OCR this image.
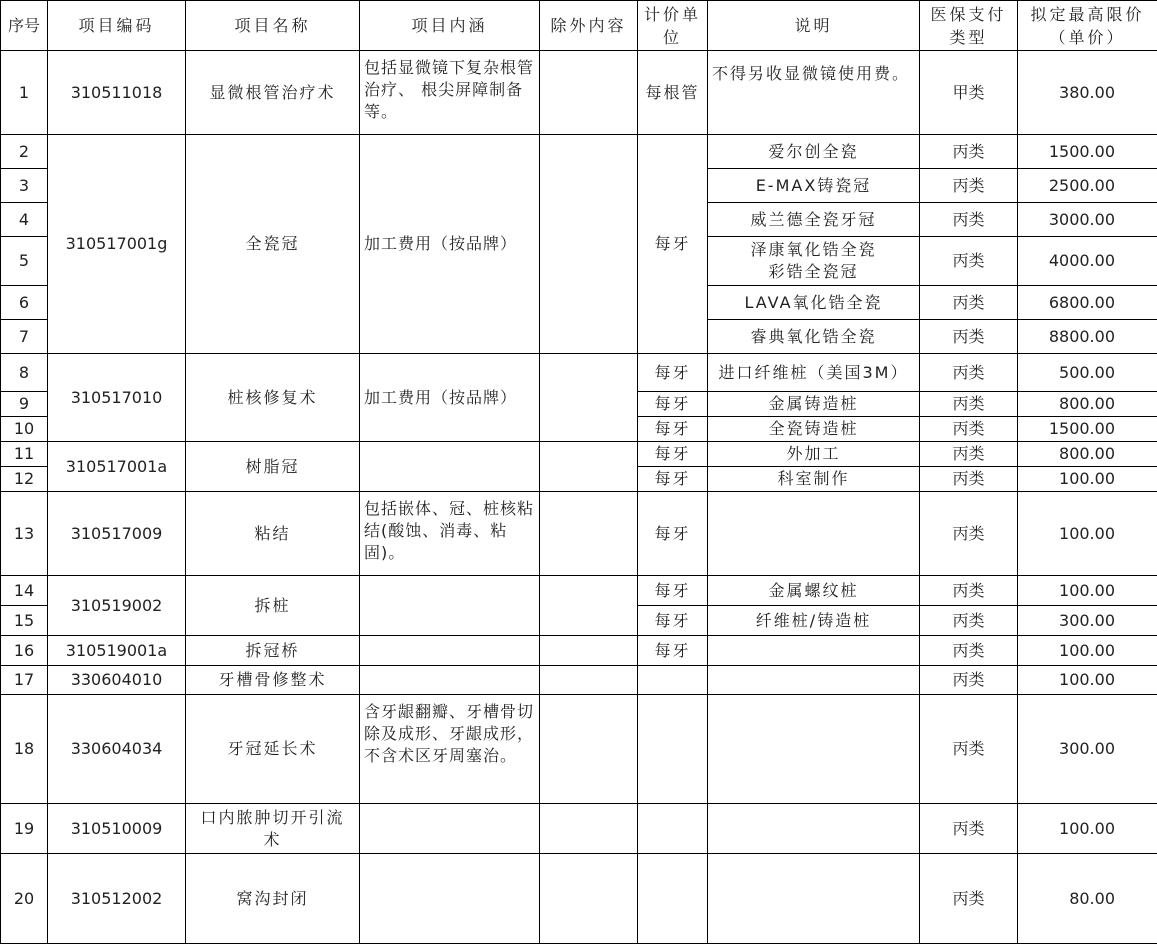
序号	项目编码	项目名称	项目内涵	除外内容	计价单位	说明	医保支付类型	拟定最高限价（单价）
1	310511018	显微根管治疗术	包括显微镜下复杂根管治疗、 根尖屏障制备等。		每根管	不得另收显微镜使用费。	甲类	380.00
2	310517001g	全瓷冠	加工费用（按品牌）		每牙	爱尔创全瓷	丙类	1500.00
3						E-MAX铸瓷冠	丙类	2500.00
4						威兰德全瓷牙冠	丙类	3000.00
5						泽康氧化锆全瓷彩锆全瓷冠	丙类	4000.00
6						LAVA氧化锆全瓷	丙类	6800.00
7						睿典氧化锆全瓷	丙类	8800.00
8	310517010	桩核修复术	加工费用（按品牌）		每牙	进口纤维桩（美国3M）	丙类	500.00
9					每牙	金属铸造桩	丙类	800.00
10					每牙	全瓷铸造桩	丙类	1500.00
11	310517001a	树脂冠			每牙	外加工	丙类	800.00
12					每牙	科室制作	丙类	100.00
13	310517009	粘结	包括嵌体、冠、桩核粘结(酸蚀、消毒、粘固)。		每牙		丙类	100.00
14	310519002	拆桩			每牙	金属螺纹桩	丙类	100.00
15					每牙	纤维桩/铸造桩	丙类	300.00
16	310519001a	拆冠桥			每牙		丙类	100.00
17	330604010	牙槽骨修整术					丙类	100.00
18	330604034	牙冠延长术	含牙龈翻瓣、牙槽骨切除及成形、牙龈成形，不含术区牙周塞治。				丙类	300.00
19	310510009	口内脓肿切开引流术					丙类	100.00
20	310512002	窝沟封闭					丙类	80.00
